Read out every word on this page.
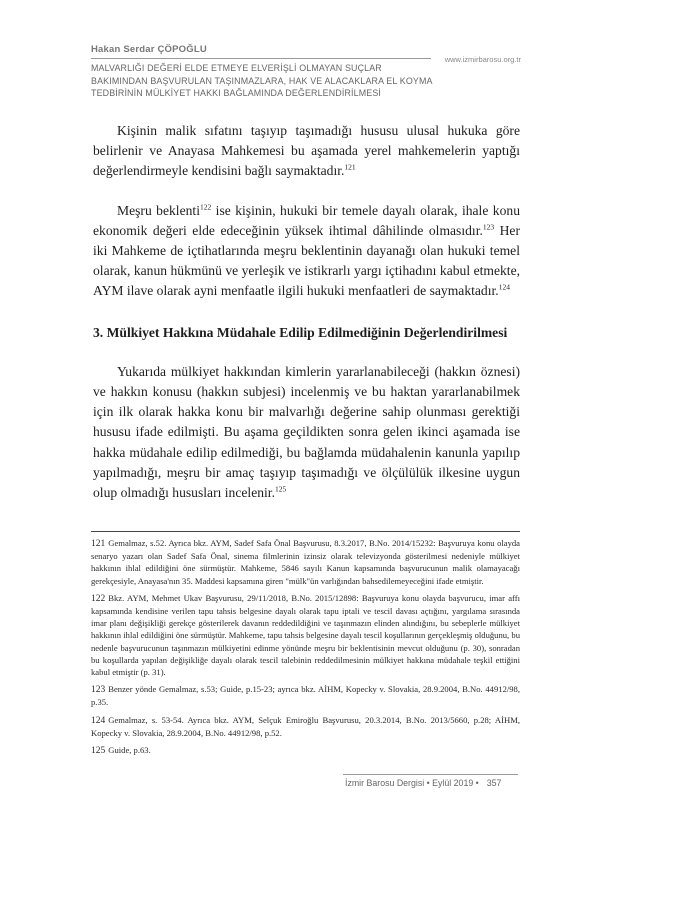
Hakan Serdar ÇÖPOĞLU
www.izmirbarosu.org.tr
MALVARLIĞI DEĞERİ ELDE ETMEYE ELVERİŞLİ OLMAYAN SUÇLAR
BAKIMINDAN BAŞVURULAN TAŞINMAZLARA, HAK VE ALACAKLARA EL KOYMA
TEDBİRİNİN MÜLKİYET HAKKI BAĞLAMINDA DEĞERLENDİRİLMESİ

Kişinin malik sıfatını taşıyıp taşımadığı hususu ulusal hukuka göre belirlenir ve Anayasa Mahkemesi bu aşamada yerel mahkemelerin yaptığı değerlendirmeyle kendisini bağlı saymaktadır.$^{121}$

Meşru beklenti$^{122}$ ise kişinin, hukuki bir temele dayalı olarak, ihale konu ekonomik değeri elde edeceğinin yüksek ihtimal dâhilinde olmasıdır.$^{123}$ Her iki Mahkeme de içtihatlarında meşru beklentinin dayanağı olan hukuki temel olarak, kanun hükmünü ve yerleşik ve istikrarlı yargı içtihadını kabul etmekte, AYM ilave olarak ayni menfaatle ilgili hukuki menfaatleri de saymaktadır.$^{124}$

3. Mülkiyet Hakkına Müdahale Edilip Edilmediğinin Değerlendirilmesi

Yukarıda mülkiyet hakkından kimlerin yararlanabileceği (hakkın öznesi) ve hakkın konusu (hakkın subjesi) incelenmiş ve bu haktan yararlanabilmek için ilk olarak hakka konu bir malvarlığı değerine sahip olunması gerektiği hususu ifade edilmişti. Bu aşama geçildikten sonra gelen ikinci aşamada ise hakka müdahale edilip edilmediği, bu bağlamda müdahalenin kanunla yapılıp yapılmadığı, meşru bir amaç taşıyıp taşımadığı ve ölçülülük ilkesine uygun olup olmadığı hususları incelenir.$^{125}$

121 Gemalmaz, s.52. Ayrıca bkz. AYM, Sadef Safa Önal Başvurusu, 8.3.2017, B.No. 2014/15232: Başvuruya konu olayda senaryo yazarı olan Sadef Safa Önal, sinema filmlerinin izinsiz olarak televizyonda gösterilmesi nedeniyle mülkiyet hakkının ihlal edildiğini öne sürmüştür. Mahkeme, 5846 sayılı Kanun kapsamında başvurucunun malik olamayacağı gerekçesiyle, Anayasa'nın 35. Maddesi kapsamına giren "mülk"ün varlığından bahsedilemeyeceğini ifade etmiştir.
122 Bkz. AYM, Mehmet Ukav Başvurusu, 29/11/2018, B.No. 2015/12898: Başvuruya konu olayda başvurucu, imar affı kapsamında kendisine verilen tapu tahsis belgesine dayalı olarak tapu iptali ve tescil davası açtığını, yargılama sırasında imar planı değişikliği gerekçe gösterilerek davanın reddedildiğini ve taşınmazın elinden alındığını, bu sebeplerle mülkiyet hakkının ihlal edildiğini öne sürmüştür. Mahkeme, tapu tahsis belgesine dayalı tescil koşullarının gerçekleşmiş olduğunu, bu nedenle başvurucunun taşınmazın mülkiyetini edinme yönünde meşru bir beklentisinin mevcut olduğunu (p. 30), sonradan bu koşullarda yapılan değişikliğe dayalı olarak tescil talebinin reddedilmesinin mülkiyet hakkına müdahale teşkil ettiğini kabul etmiştir (p. 31).
123 Benzer yönde Gemalmaz, s.53; Guide, p.15-23; ayrıca bkz. AİHM, Kopecky v. Slovakia, 28.9.2004, B.No. 44912/98, p.35.
124 Gemalmaz, s. 53-54. Ayrıca bkz. AYM, Selçuk Emiroğlu Başvurusu, 20.3.2014, B.No. 2013/5660, p.28; AİHM, Kopecky v. Slovakia, 28.9.2004, B.No. 44912/98, p.52.
125 Guide, p.63.
İzmir Barosu Dergisi • Eylül 2019 • 357
